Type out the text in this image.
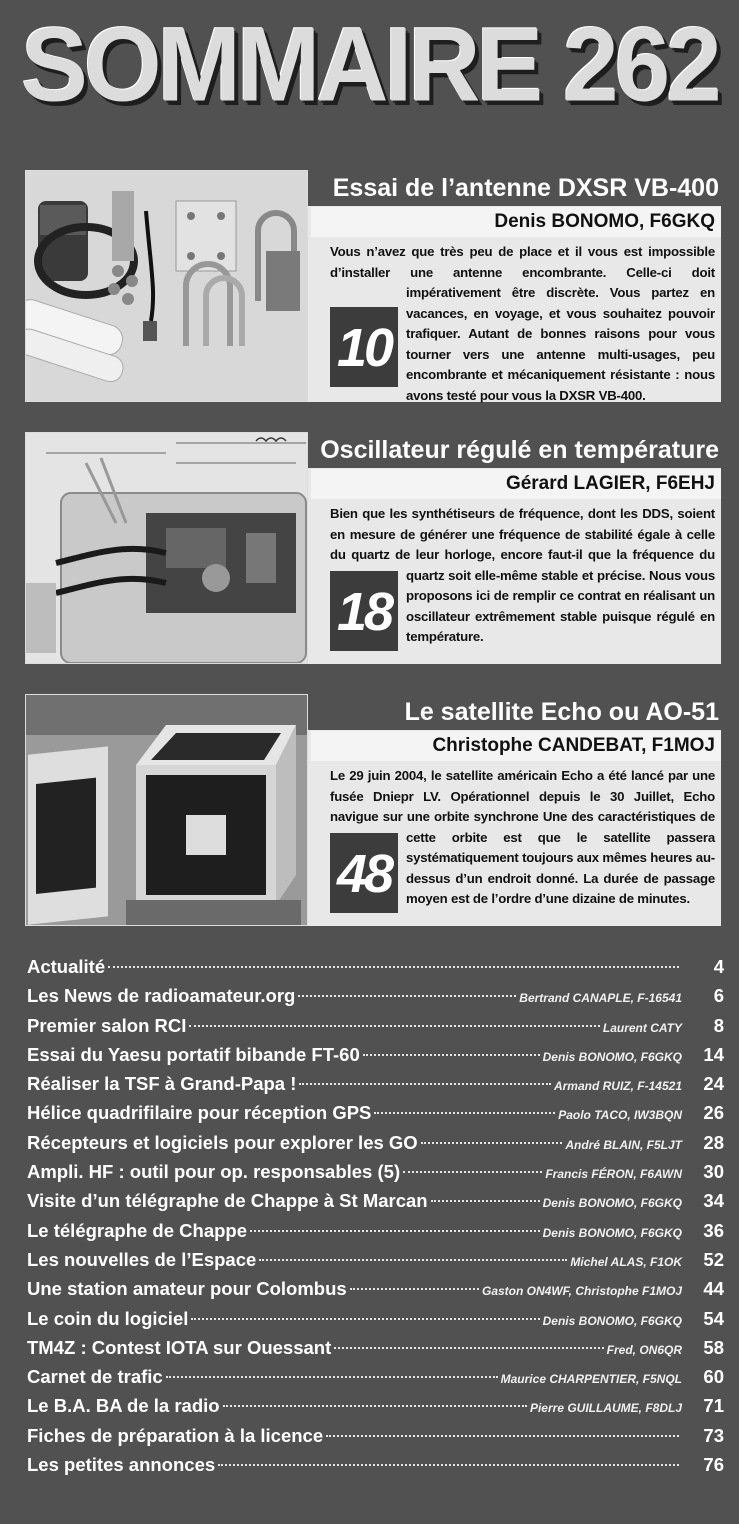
SOMMAIRE 262
Essai de l’antenne DXSR VB-400
Denis BONOMO, F6GKQ
10
Vous n’avez que très peu de place et il vous est impossible d’installer une antenne encombrante. Celle-ci doit impérativement être discrète. Vous partez en vacances, en voyage, et vous souhaitez pouvoir trafiquer. Autant de bonnes raisons pour vous tourner vers une antenne multi-usages, peu encombrante et mécaniquement résistante : nous avons testé pour vous la DXSR VB-400.
Oscillateur régulé en température
Gérard LAGIER, F6EHJ
18
Bien que les synthétiseurs de fréquence, dont les DDS, soient en mesure de générer une fréquence de stabilité égale à celle du quartz de leur horloge, encore faut-il que la fréquence du quartz soit elle-même stable et précise. Nous vous proposons ici de remplir ce contrat en réalisant un oscillateur extrêmement stable puisque régulé en température.
Le satellite Echo ou AO-51
Christophe CANDEBAT, F1MOJ
48
Le 29 juin 2004, le satellite américain Echo a été lancé par une fusée Dniepr LV. Opérationnel depuis le 30 Juillet, Echo navigue sur une orbite synchrone Une des caractéristiques de cette orbite est que le satellite passera systématiquement toujours aux mêmes heures au-dessus d’un endroit donné. La durée de passage moyen est de l’ordre d’une dizaine de minutes.
Actualité	4
Les News de radioamateur.org	Bertrand CANAPLE, F-16541	6
Premier salon RCI	Laurent CATY	8
Essai du Yaesu portatif bibande FT-60	Denis BONOMO, F6GKQ	14
Réaliser la TSF à Grand-Papa !	Armand RUIZ, F-14521	24
Hélice quadrifilaire pour réception GPS	Paolo TACO, IW3BQN	26
Récepteurs et logiciels pour explorer les GO	André BLAIN, F5LJT	28
Ampli. HF : outil pour op. responsables (5)	Francis FÉRON, F6AWN	30
Visite d’un télégraphe de Chappe à St Marcan	Denis BONOMO, F6GKQ	34
Le télégraphe de Chappe	Denis BONOMO, F6GKQ	36
Les nouvelles de l’Espace	Michel ALAS, F1OK	52
Une station amateur pour Colombus	Gaston ON4WF, Christophe F1MOJ	44
Le coin du logiciel	Denis BONOMO, F6GKQ	54
TM4Z : Contest IOTA sur Ouessant	Fred, ON6QR	58
Carnet de trafic	Maurice CHARPENTIER, F5NQL	60
Le B.A. BA de la radio	Pierre GUILLAUME, F8DLJ	71
Fiches de préparation à la licence	73
Les petites annonces	76
